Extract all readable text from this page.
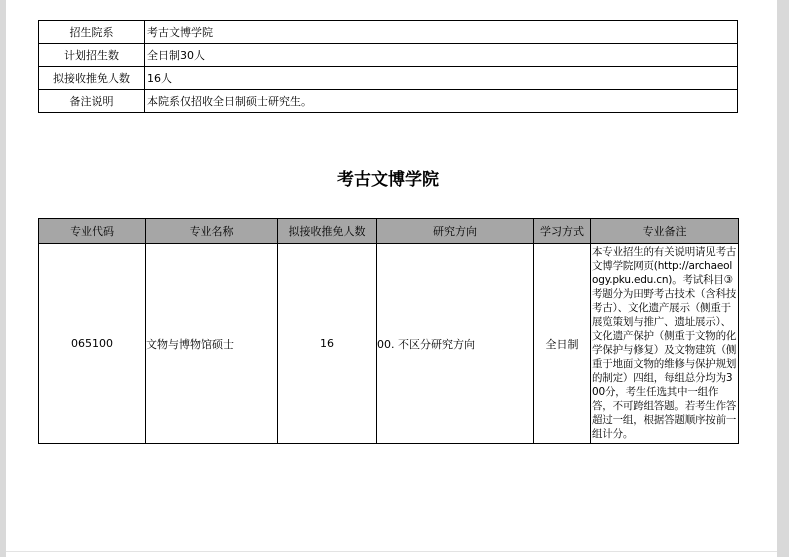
招生院系	考古文博学院
计划招生数	全日制30人
拟接收推免人数	16人
备注说明	本院系仅招收全日制硕士研究生。
考古文博学院
专业代码	专业名称	拟接收推免人数	研究方向	学习方式	专业备注
065100	文物与博物馆硕士	16	00. 不区分研究方向	全日制	本专业招生的有关说明请见考古文博学院网页(http://archaeology.pku.edu.cn)。考试科目③考题分为田野考古技术（含科技考古）、文化遗产展示（侧重于展览策划与推广、遗址展示）、文化遗产保护（侧重于文物的化学保护与修复）及文物建筑（侧重于地面文物的维修与保护规划的制定）四组，每组总分均为300分，考生任选其中一组作答，不可跨组答题。若考生作答超过一组，根据答题顺序按前一组计分。
